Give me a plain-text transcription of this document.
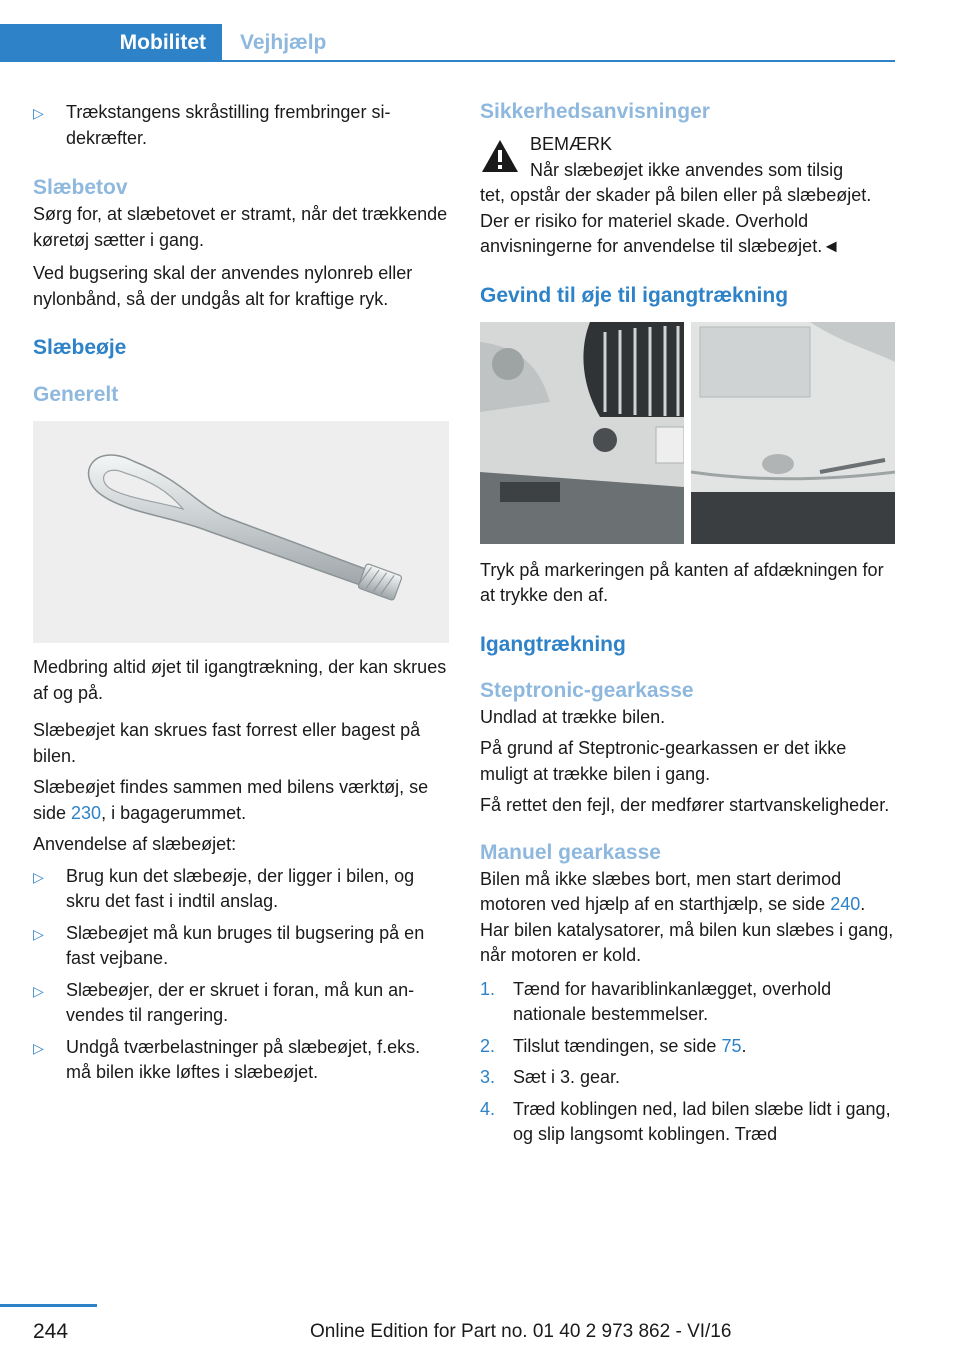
Mobilitet	Vejhjælp
▷	Trækstangens skråstilling frembringer sidekræfter.
Slæbetov

Sørg for, at slæbetovet er stramt, når det trækkende køretøj sætter i gang.

Ved bugsering skal der anvendes nylonreb eller nylonbånd, så der undgås alt for kraftige ryk.

Slæbeøje
Generelt

Medbring altid øjet til igangtrækning, der kan skrues af og på.

Slæbeøjet kan skrues fast forrest eller bagest på bilen.

Slæbeøjet findes sammen med bilens værktøj, se side 230, i bagagerummet.

Anvendelse af slæbeøjet:

▷	Brug kun det slæbeøje, der ligger i bilen, og skru det fast i indtil anslag.
▷	Slæbeøjet må kun bruges til bugsering på en fast vejbane.
▷	Slæbeøjer, der er skruet i foran, må kun anvendes til rangering.
▷	Undgå tværbelastninger på slæbeøjet, f.eks. må bilen ikke løftes i slæbeøjet.
Sikkerhedsanvisninger

BEMÆRK

Når slæbeøjet ikke anvendes som tilsig

tet, opstår der skader på bilen eller på slæbeøjet. Der er risiko for materiel skade. Overhold anvisningerne for anvendelse til slæbeøjet.◄

Gevind til øje til igangtrækning

Tryk på markeringen på kanten af afdækningen for at trykke den af.

Igangtrækning
Steptronic-gearkasse

Undlad at trække bilen.

På grund af Steptronic-gearkassen er det ikke muligt at trække bilen i gang.

Få rettet den fejl, der medfører startvanskeligheder.

Manuel gearkasse

Bilen må ikke slæbes bort, men start derimod motoren ved hjælp af en starthjælp, se side 240. Har bilen katalysatorer, må bilen kun slæbes i gang, når motoren er kold.

1. Tænd for havariblinkanlægget, overhold nationale bestemmelser.
2. Tilslut tændingen, se side 75.
3. Sæt i 3. gear.
4. Træd koblingen ned, lad bilen slæbe lidt i gang, og slip langsomt koblingen. Træd
244	Online Edition for Part no. 01 40 2 973 862 - VI/16
